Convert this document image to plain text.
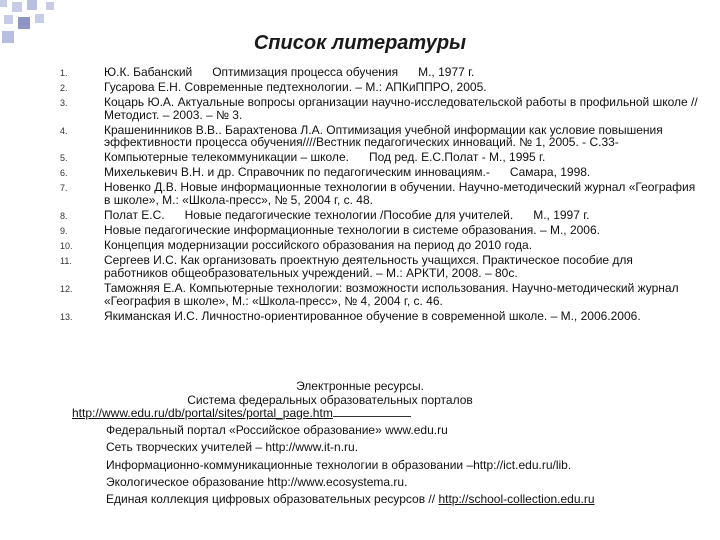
Список литературы
1.	Ю.К. Бабанский      Оптимизация процесса обучения      М., 1977 г.
2.	Гусарова Е.Н. Современные педтехнологии. – М.: АПКиППРО, 2005.
3.	Коцарь Ю.А. Актуальные вопросы организации научно-исследовательской работы в профильной школе // Методист. – 2003. – № 3.
4.	Крашенинников В.В.. Барахтенова Л.А. Оптимизация учебной информации как условие повышения эффективности процесса обучения////Вестник педагогических инноваций. № 1, 2005. - С.33-
5.	Компьютерные телекоммуникации – школе.      Под ред. Е.С.Полат - М., 1995 г.
6.	Михелькевич В.Н. и др. Справочник по педагогическим инновациям.-      Самара, 1998.
7.	Новенко Д.В. Новые информационные технологии в обучении. Научно-методический журнал «География в школе», М.: «Школа-пресс», № 5, 2004 г, с. 48.
8.	Полат Е.С.      Новые педагогические технологии /Пособие для учителей.      М., 1997 г.
9.	Новые педагогические информационные технологии в системе образования. – М., 2006.
10.	Концепция модернизации российского образования на период до 2010 года.
11.	Сергеев И.С. Как организовать проектную деятельность учащихся. Практическое пособие для работников общеобразовательных учреждений. – М.: АРКТИ, 2008. – 80с.
12.	Таможняя Е.А. Компьютерные технологии: возможности использования. Научно-методический журнал «География в школе», М.: «Школа-пресс», № 4, 2004 г, с. 46.
13.	Якиманская И.С. Личностно-ориентированное обучение в современной школе. – М., 2006.2006.
Электронные ресурсы.
Система федеральных образовательных порталов
http://www.edu.ru/db/portal/sites/portal_page.htm
Федеральный портал «Российское образование» www.edu.ru
Сеть творческих учителей – http://www.it-n.ru.
Информационно-коммуникационные технологии в образовании –http://ict.edu.ru/lib.
Экологическое образование http://www.ecosystema.ru.
Единая коллекция цифровых образовательных ресурсов // http://school-collection.edu.ru
